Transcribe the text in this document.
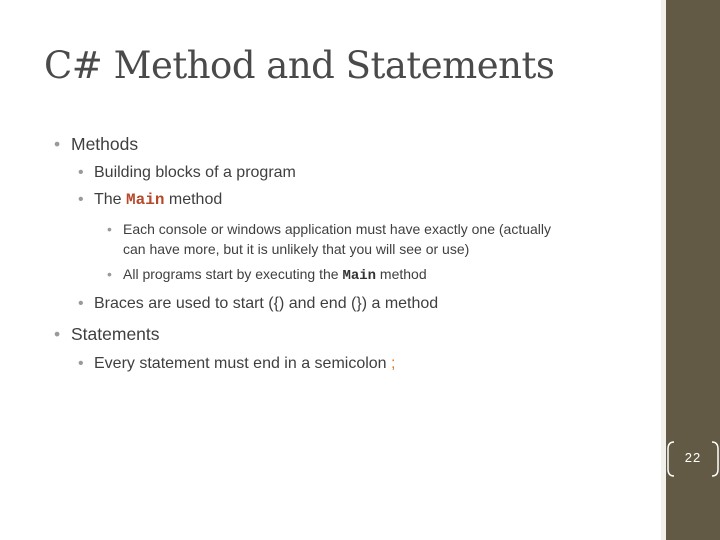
C# Method and Statements
• Methods
• Building blocks of a program
• The Main method
• Each console or windows application must have exactly one (actually
can have more, but it is unlikely that you will see or use)
• All programs start by executing the Main method
• Braces are used to start ({) and end (}) a method
• Statements
• Every statement must end in a semicolon ;
22
